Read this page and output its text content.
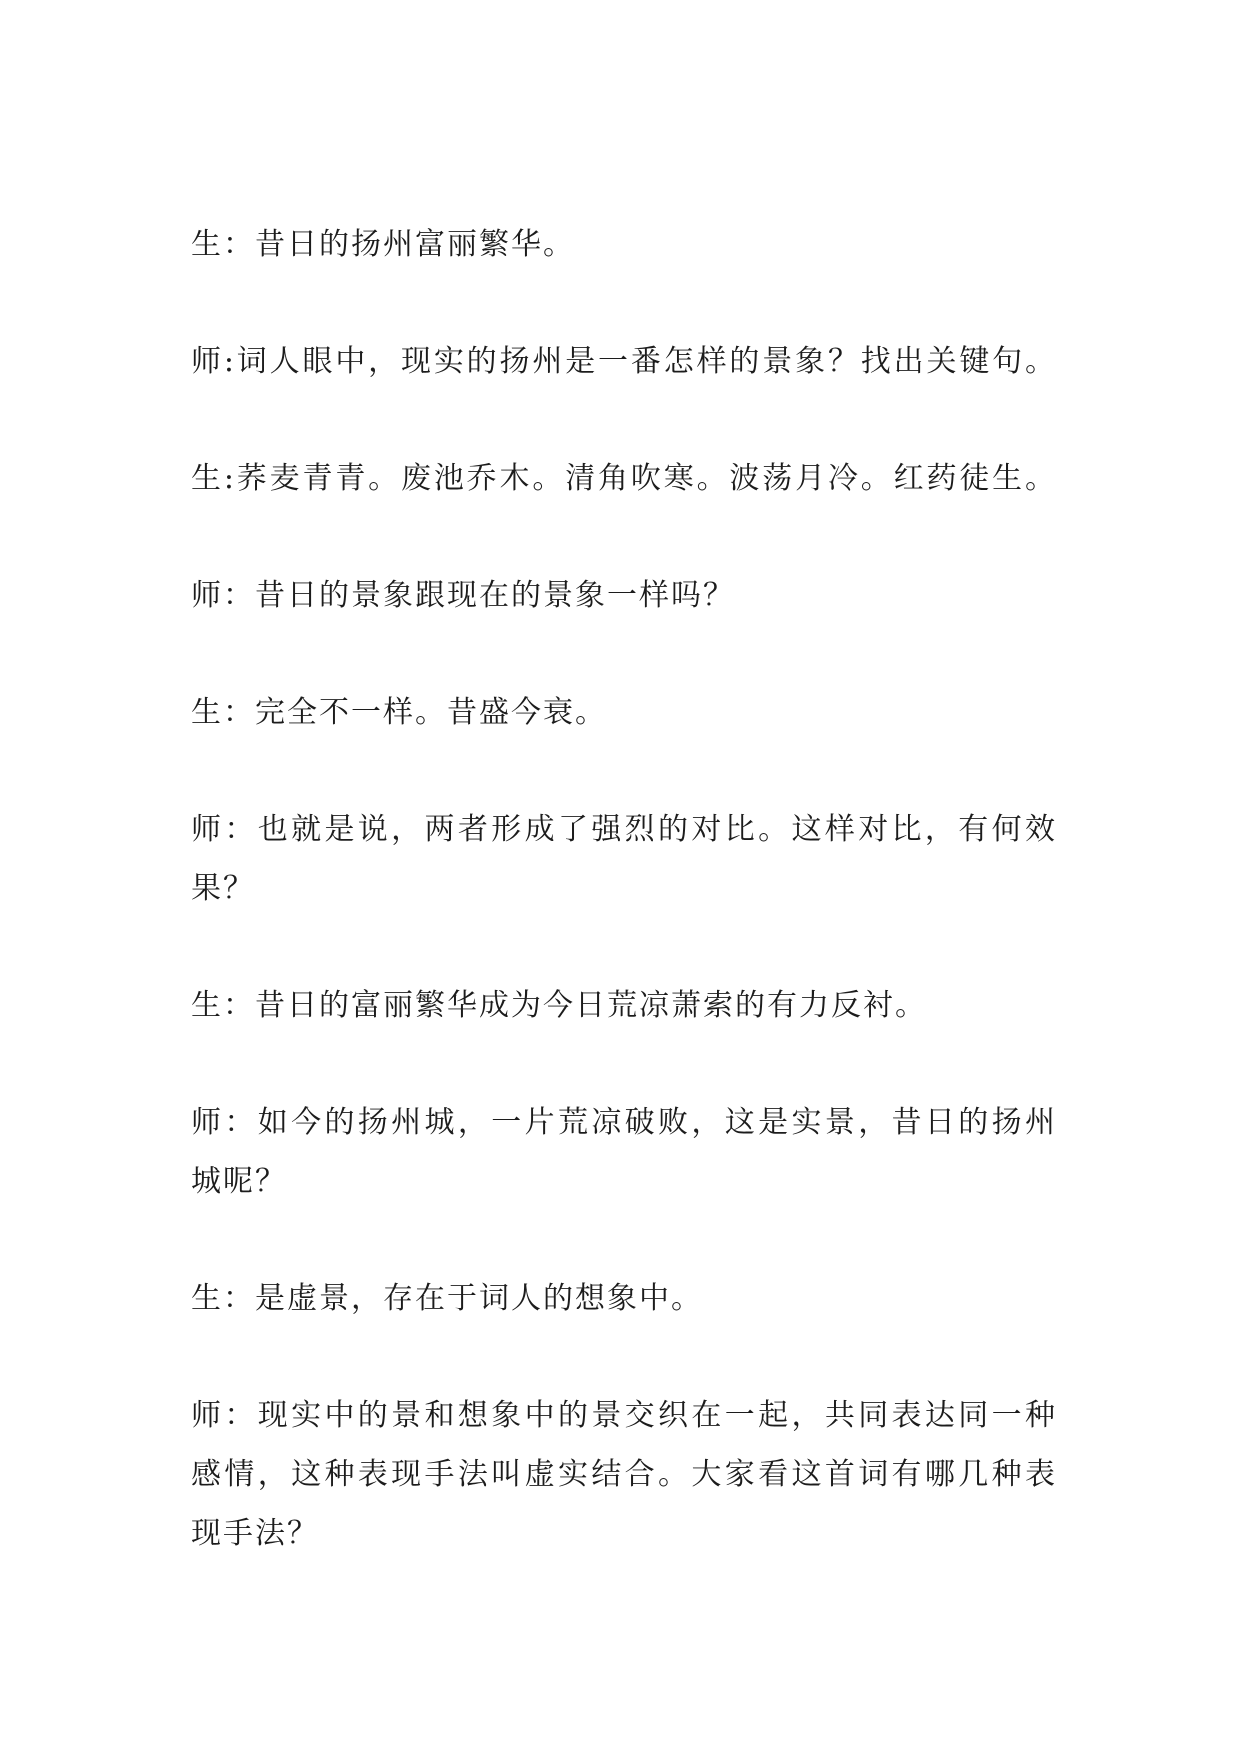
生：昔日的扬州富丽繁华。

师:词人眼中，现实的扬州是一番怎样的景象？找出关键句。

生:荞麦青青。废池乔木。清角吹寒。波荡月冷。红药徒生。

师：昔日的景象跟现在的景象一样吗？

生：完全不一样。昔盛今衰。

师：也就是说，两者形成了强烈的对比。这样对比，有何效
果？

生：昔日的富丽繁华成为今日荒凉萧索的有力反衬。

师：如今的扬州城，一片荒凉破败，这是实景，昔日的扬州
城呢？

生：是虚景，存在于词人的想象中。

师：现实中的景和想象中的景交织在一起，共同表达同一种
感情，这种表现手法叫虚实结合。大家看这首词有哪几种表
现手法？
